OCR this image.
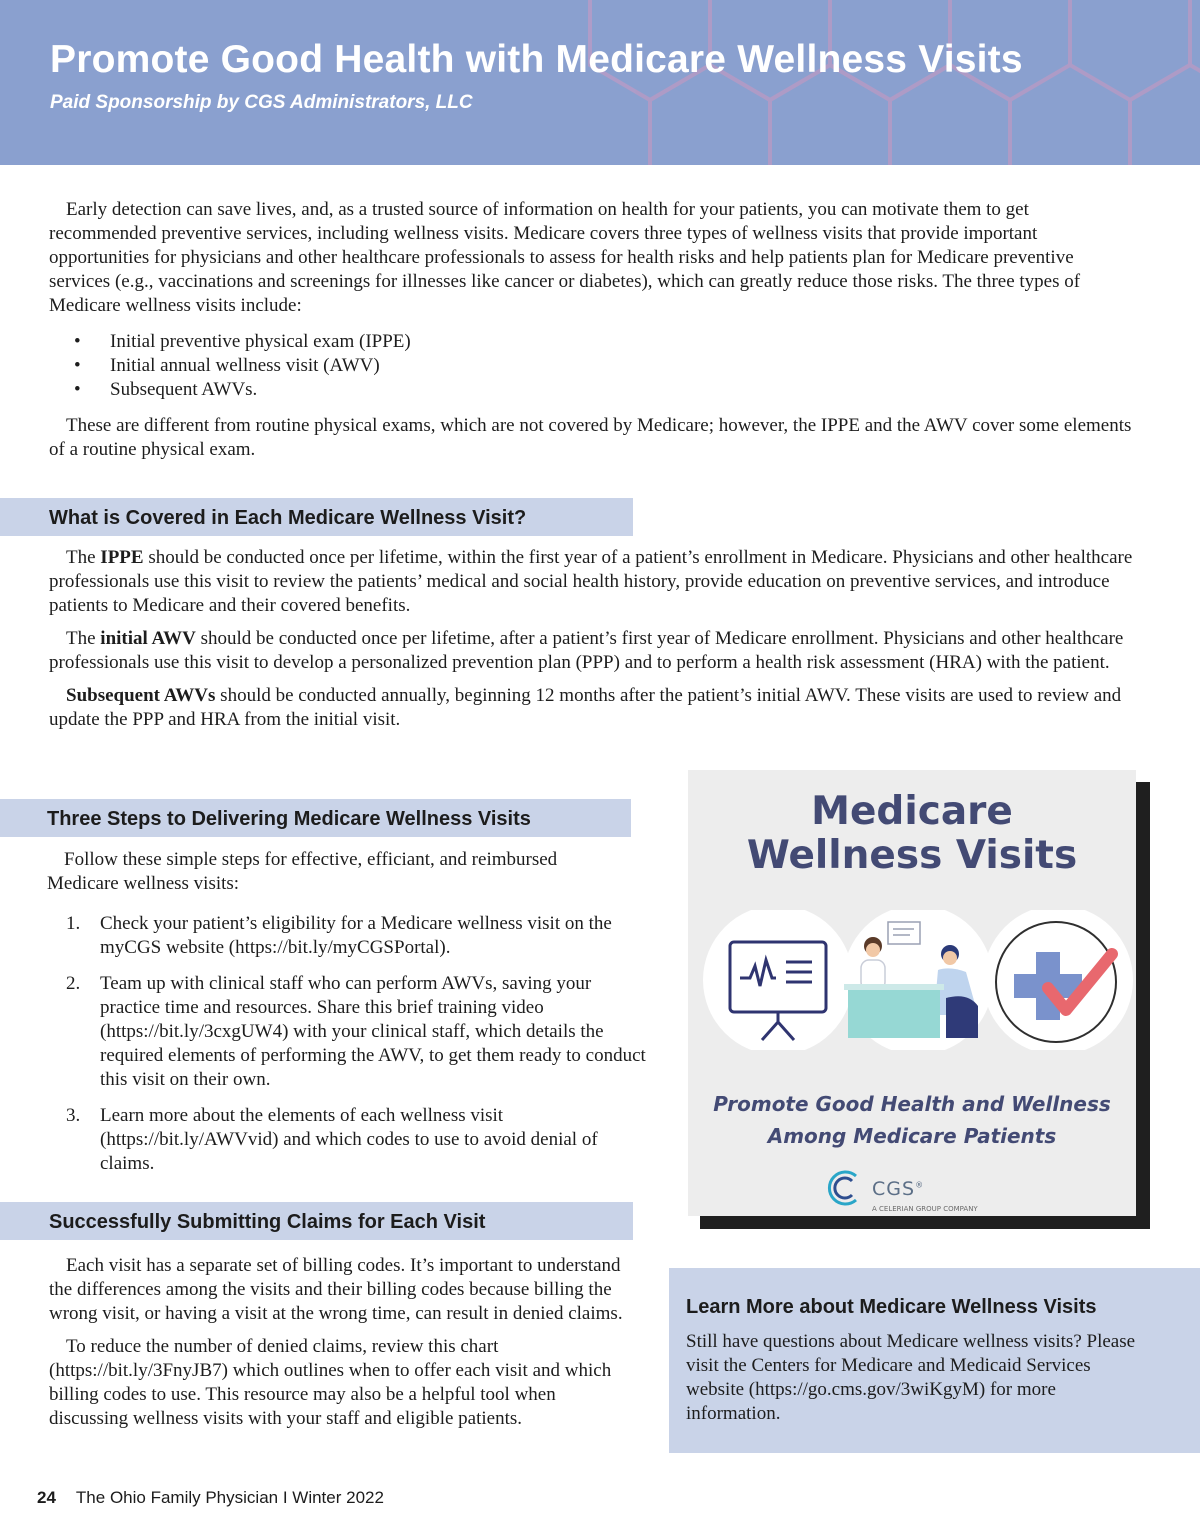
Promote Good Health with Medicare Wellness Visits

Paid Sponsorship by CGS Administrators, LLC

Early detection can save lives, and, as a trusted source of information on health for your patients, you can motivate them to get recommended preventive services, including wellness visits. Medicare covers three types of wellness visits that provide important opportunities for physicians and other healthcare professionals to assess for health risks and help patients plan for Medicare preventive services (e.g., vaccinations and screenings for illnesses like cancer or diabetes), which can greatly reduce those risks. The three types of Medicare wellness visits include:

• Initial preventive physical exam (IPPE)
• Initial annual wellness visit (AWV)
• Subsequent AWVs.

These are different from routine physical exams, which are not covered by Medicare; however, the IPPE and the AWV cover some elements of a routine physical exam.

What is Covered in Each Medicare Wellness Visit?

The IPPE should be conducted once per lifetime, within the first year of a patient’s enrollment in Medicare. Physicians and other healthcare professionals use this visit to review the patients’ medical and social health history, provide education on preventive services, and introduce patients to Medicare and their covered benefits.

The initial AWV should be conducted once per lifetime, after a patient’s first year of Medicare enrollment. Physicians and other healthcare professionals use this visit to develop a personalized prevention plan (PPP) and to perform a health risk assessment (HRA) with the patient.

Subsequent AWVs should be conducted annually, beginning 12 months after the patient’s initial AWV. These visits are used to review and update the PPP and HRA from the initial visit.

Three Steps to Delivering Medicare Wellness Visits

Follow these simple steps for effective, efficiant, and reimbursed Medicare wellness visits:

1. Check your patient’s eligibility for a Medicare wellness visit on the myCGS website (https://bit.ly/myCGSPortal).
2. Team up with clinical staff who can perform AWVs, saving your practice time and resources. Share this brief training video (https://bit.ly/3cxgUW4) with your clinical staff, which details the required elements of performing the AWV, to get them ready to conduct this visit on their own.
3. Learn more about the elements of each wellness visit (https://bit.ly/AWVvid) and which codes to use to avoid denial of claims.
Successfully Submitting Claims for Each Visit

Each visit has a separate set of billing codes. It’s important to understand the differences among the visits and their billing codes because billing the wrong visit, or having a visit at the wrong time, can result in denied claims.

To reduce the number of denied claims, review this chart (https://bit.ly/3FnyJB7) which outlines when to offer each visit and which billing codes to use. This resource may also be a helpful tool when discussing wellness visits with your staff and eligible patients.

Medicare
Wellness Visits

Promote Good Health and Wellness
Among Medicare Patients

CGS®
A CELERIAN GROUP COMPANY
Learn More about Medicare Wellness Visits

Still have questions about Medicare wellness visits? Please visit the Centers for Medicare and Medicaid Services website (https://go.cms.gov/3wiKgyM) for more information.

24 The Ohio Family Physician I Winter 2022
